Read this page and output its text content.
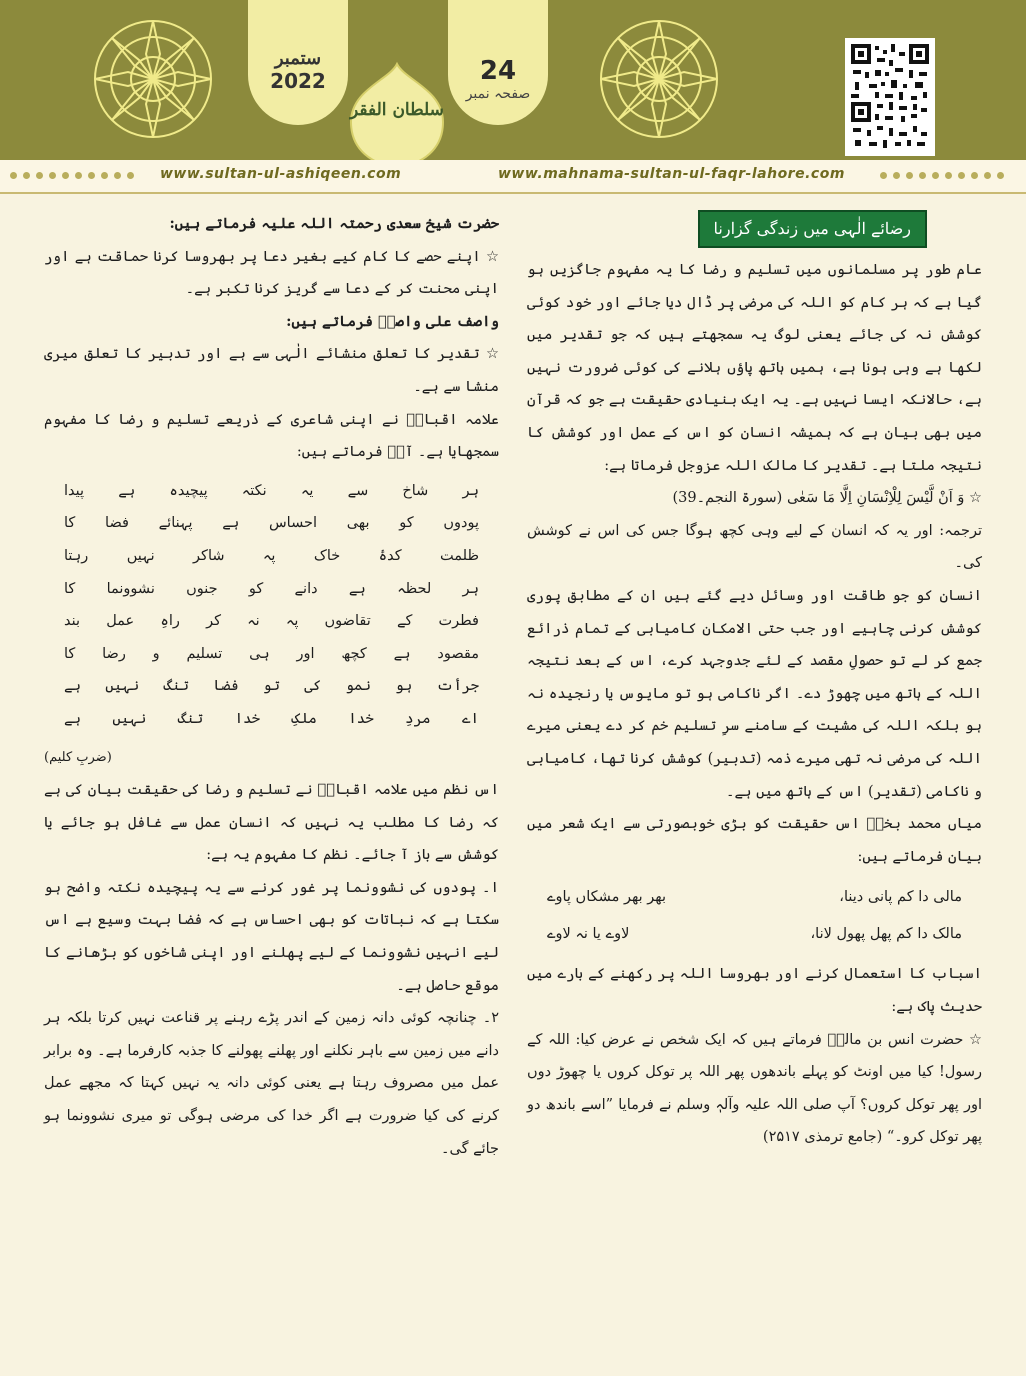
ستمبر
2022
سلطان الفقر
24
صفحہ نمبر
www.sultan-ul-ashiqeen.com	www.mahnama-sultan-ul-faqr-lahore.com
رضائے الٰہی میں زندگی گزارنا

عام طور پر مسلمانوں میں تسلیم و رضا کا یہ مفہوم جاگزیں ہو گیا ہے کہ ہر کام کو اللہ کی مرضی پر ڈال دیا جائے اور خود کوئی کوشش نہ کی جائے یعنی لوگ یہ سمجھتے ہیں کہ جو تقدیر میں لکھا ہے وہی ہونا ہے، ہمیں ہاتھ پاؤں ہلانے کی کوئی ضرورت نہیں ہے، حالانکہ ایسا نہیں ہے۔ یہ ایک بنیادی حقیقت ہے جو کہ قرآن میں بھی بیان ہے کہ ہمیشہ انسان کو اس کے عمل اور کوشش کا نتیجہ ملتا ہے۔ تقدیر کا مالک اللہ عزوجل فرماتا ہے:

☆ وَ اَنْ لَّیْسَ لِلْاِنْسَانِ اِلَّا مَا سَعٰی (سورۃ النجم۔39)

ترجمہ: اور یہ کہ انسان کے لیے وہی کچھ ہوگا جس کی اس نے کوشش کی۔

انسان کو جو طاقت اور وسائل دیے گئے ہیں ان کے مطابق پوری کوشش کرنی چاہیے اور جب حتی الامکان کامیابی کے تمام ذرائع جمع کر لے تو حصولِ مقصد کے لئے جدوجہد کرے، اس کے بعد نتیجہ اللہ کے ہاتھ میں چھوڑ دے۔ اگر ناکامی ہو تو مایوس یا رنجیدہ نہ ہو بلکہ اللہ کی مشیت کے سامنے سرِ تسلیم خم کر دے یعنی میرے اللہ کی مرضی نہ تھی میرے ذمہ (تدبیر) کوشش کرنا تھا، کامیابی و ناکامی (تقدیر) اس کے ہاتھ میں ہے۔

میاں محمد بخشؒ اس حقیقت کو بڑی خوبصورتی سے ایک شعر میں بیان فرماتے ہیں:

مالی دا کم پانی دینا،
بھر بھر مشکاں پاوے
مالک دا کم پھل پھول لانا،
لاوے یا نہ لاوے

اسباب کا استعمال کرنے اور بھروسا اللہ پر رکھنے کے بارے میں حدیث پاک ہے:

☆ حضرت انس بن مالکؓ فرماتے ہیں کہ ایک شخص نے عرض کیا: اللہ کے رسول! کیا میں اونٹ کو پہلے باندھوں پھر اللہ پر توکل کروں یا چھوڑ دوں اور پھر توکل کروں؟ آپ صلی اللہ علیہ وآلہٖ وسلم نے فرمایا ”اسے باندھ دو پھر توکل کرو۔“ (جامع ترمذی ۲۵۱۷)

حضرت شیخ سعدی رحمتہ اللہ علیہ فرماتے ہیں:

☆ اپنے حصے کا کام کیے بغیر دعا پر بھروسا کرنا حماقت ہے اور اپنی محنت کر کے دعا سے گریز کرنا تکبر ہے۔

واصف علی واصفؒ فرماتے ہیں:

☆ تقدیر کا تعلق منشائے الٰہی سے ہے اور تدبیر کا تعلق میری منشا سے ہے۔

علامہ اقبالؒ نے اپنی شاعری کے ذریعے تسلیم و رضا کا مفہوم سمجھایا ہے۔ آپؒ فرماتے ہیں:

ہر شاخ سے یہ نکتہ پیچیدہ ہے پیدا
پودوں کو بھی احساس ہے پہنائے فضا کا
ظلمت کدۂ خاک پہ شاکر نہیں رہتا
ہر لحظہ ہے دانے کو جنوں نشوونما کا
فطرت کے تقاضوں پہ نہ کر راہِ عمل بند
مقصود ہے کچھ اور ہی تسلیم و رضا کا
جرأت ہو نمو کی تو فضا تنگ نہیں ہے
اے مردِ خدا ملکِ خدا تنگ نہیں ہے

(ضربِ کلیم)

اس نظم میں علامہ اقبالؒ نے تسلیم و رضا کی حقیقت بیان کی ہے کہ رضا کا مطلب یہ نہیں کہ انسان عمل سے غافل ہو جائے یا کوشش سے باز آ جائے۔ نظم کا مفہوم یہ ہے:

ا۔ پودوں کی نشوونما پر غور کرنے سے یہ پیچیدہ نکتہ واضح ہو سکتا ہے کہ نباتات کو بھی احساس ہے کہ فضا بہت وسیع ہے اس لیے انہیں نشوونما کے لیے پھلنے اور اپنی شاخوں کو بڑھانے کا موقع حاصل ہے۔

۲۔ چنانچہ کوئی دانہ زمین کے اندر پڑے رہنے پر قناعت نہیں کرتا بلکہ ہر دانے میں زمین سے باہر نکلنے اور پھلنے پھولنے کا جذبہ کارفرما ہے۔ وہ برابر عمل میں مصروف رہتا ہے یعنی کوئی دانہ یہ نہیں کہتا کہ مجھے عمل کرنے کی کیا ضرورت ہے اگر خدا کی مرضی ہوگی تو میری نشوونما ہو جائے گی۔
